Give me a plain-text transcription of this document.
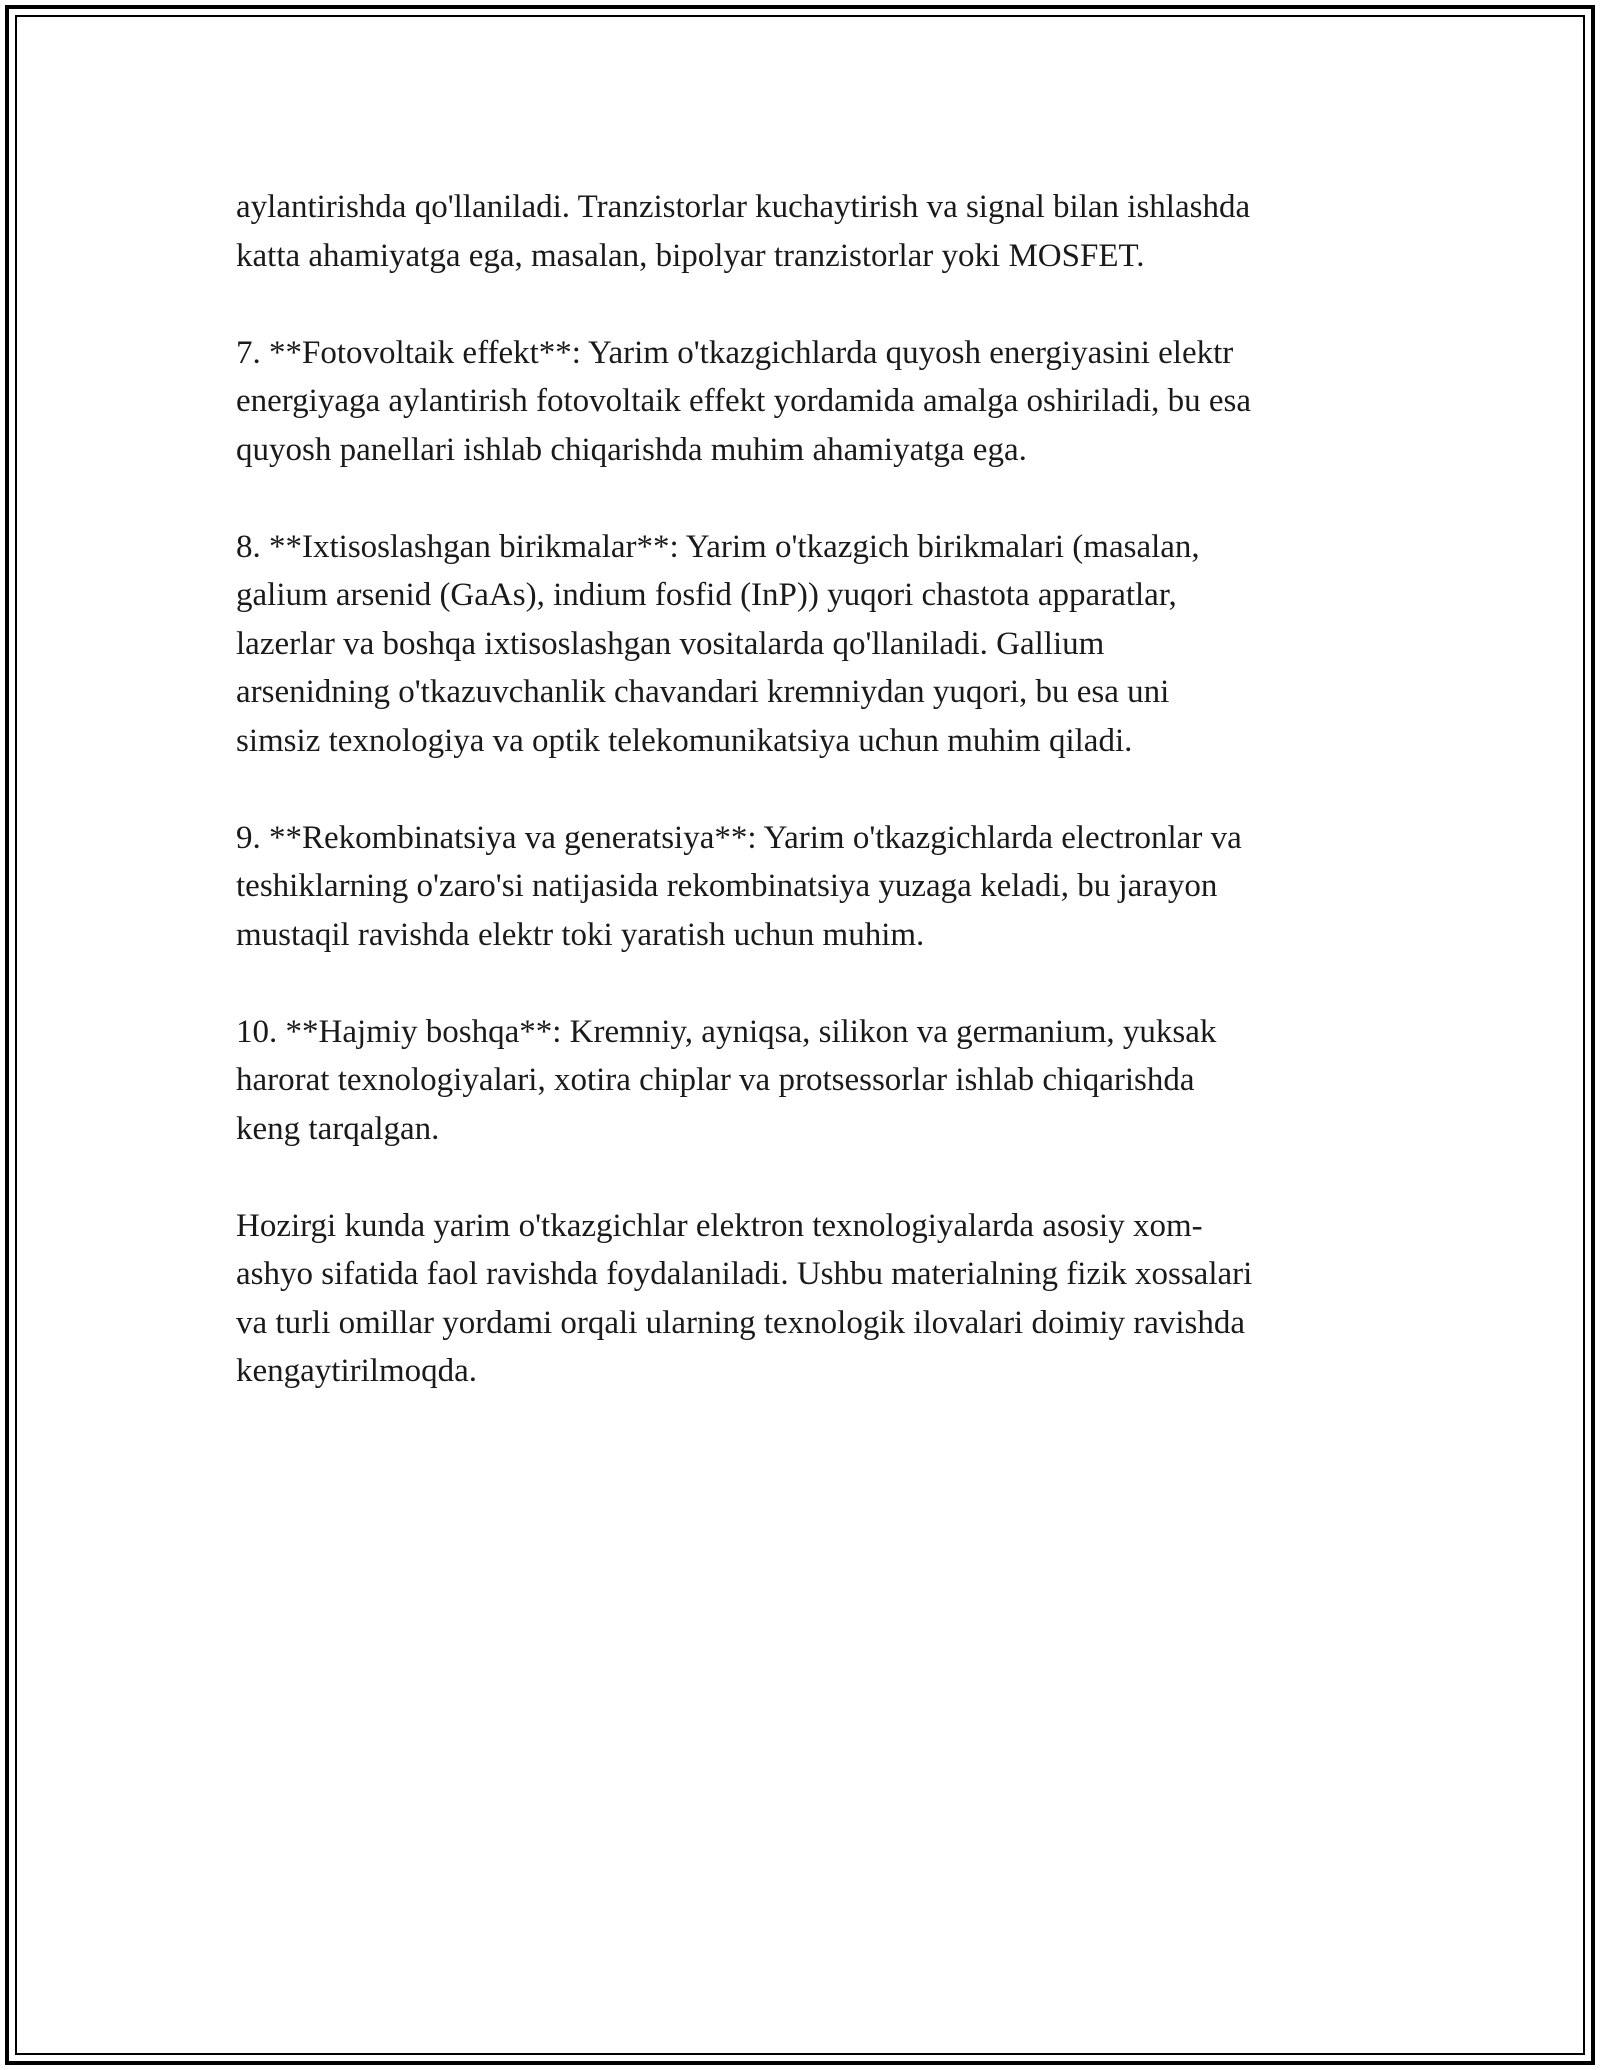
aylantirishda qo'llaniladi. Tranzistorlar kuchaytirish va signal bilan ishlashda
katta ahamiyatga ega, masalan, bipolyar tranzistorlar yoki MOSFET.

7. **Fotovoltaik effekt**: Yarim o'tkazgichlarda quyosh energiyasini elektr
energiyaga aylantirish fotovoltaik effekt yordamida amalga oshiriladi, bu esa
quyosh panellari ishlab chiqarishda muhim ahamiyatga ega.

8. **Ixtisoslashgan birikmalar**: Yarim o'tkazgich birikmalari (masalan,
galium arsenid (GaAs), indium fosfid (InP)) yuqori chastota apparatlar,
lazerlar va boshqa ixtisoslashgan vositalarda qo'llaniladi. Gallium
arsenidning o'tkazuvchanlik chavandari kremniydan yuqori, bu esa uni
simsiz texnologiya va optik telekomunikatsiya uchun muhim qiladi.

9. **Rekombinatsiya va generatsiya**: Yarim o'tkazgichlarda electronlar va
teshiklarning o'zaro'si natijasida rekombinatsiya yuzaga keladi, bu jarayon
mustaqil ravishda elektr toki yaratish uchun muhim.

10. **Hajmiy boshqa**: Kremniy, ayniqsa, silikon va germanium, yuksak
harorat texnologiyalari, xotira chiplar va protsessorlar ishlab chiqarishda
keng tarqalgan.

Hozirgi kunda yarim o'tkazgichlar elektron texnologiyalarda asosiy xom-
ashyo sifatida faol ravishda foydalaniladi. Ushbu materialning fizik xossalari
va turli omillar yordami orqali ularning texnologik ilovalari doimiy ravishda
kengaytirilmoqda.
